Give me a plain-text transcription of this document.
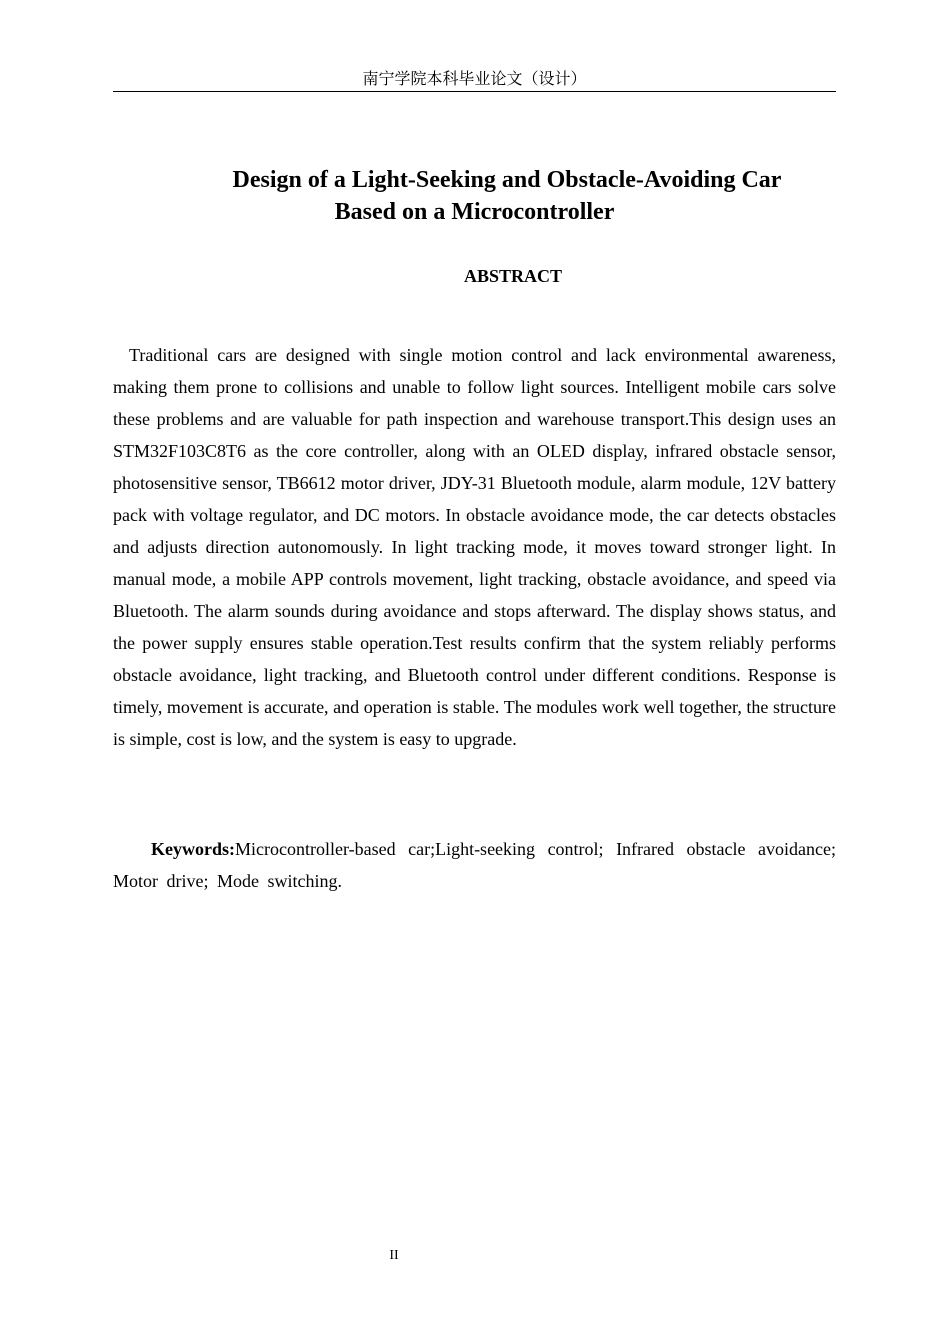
南宁学院本科毕业论文（设计）
Design of a Light-Seeking and Obstacle-Avoiding Car
Based on a Microcontroller
ABSTRACT

Traditional cars are designed with single motion control and lack environmental awareness, making them prone to collisions and unable to follow light sources. Intelligent mobile cars solve these problems and are valuable for path inspection and warehouse transport.This design uses an STM32F103C8T6 as the core controller, along with an OLED display, infrared obstacle sensor, photosensitive sensor, TB6612 motor driver, JDY-31 Bluetooth module, alarm module, 12V battery pack with voltage regulator, and DC motors. In obstacle avoidance mode, the car detects obstacles and adjusts direction autonomously. In light tracking mode, it moves toward stronger light. In manual mode, a mobile APP controls movement, light tracking, obstacle avoidance, and speed via Bluetooth. The alarm sounds during avoidance and stops afterward. The display shows status, and the power supply ensures stable operation.Test results confirm that the system reliably performs obstacle avoidance, light tracking, and Bluetooth control under different conditions. Response is timely, movement is accurate, and operation is stable. The modules work well together, the structure is simple, cost is low, and the system is easy to upgrade.

Keywords:Microcontroller-based car;Light-seeking control; Infrared obstacle avoidance; Motor drive; Mode switching.

II
